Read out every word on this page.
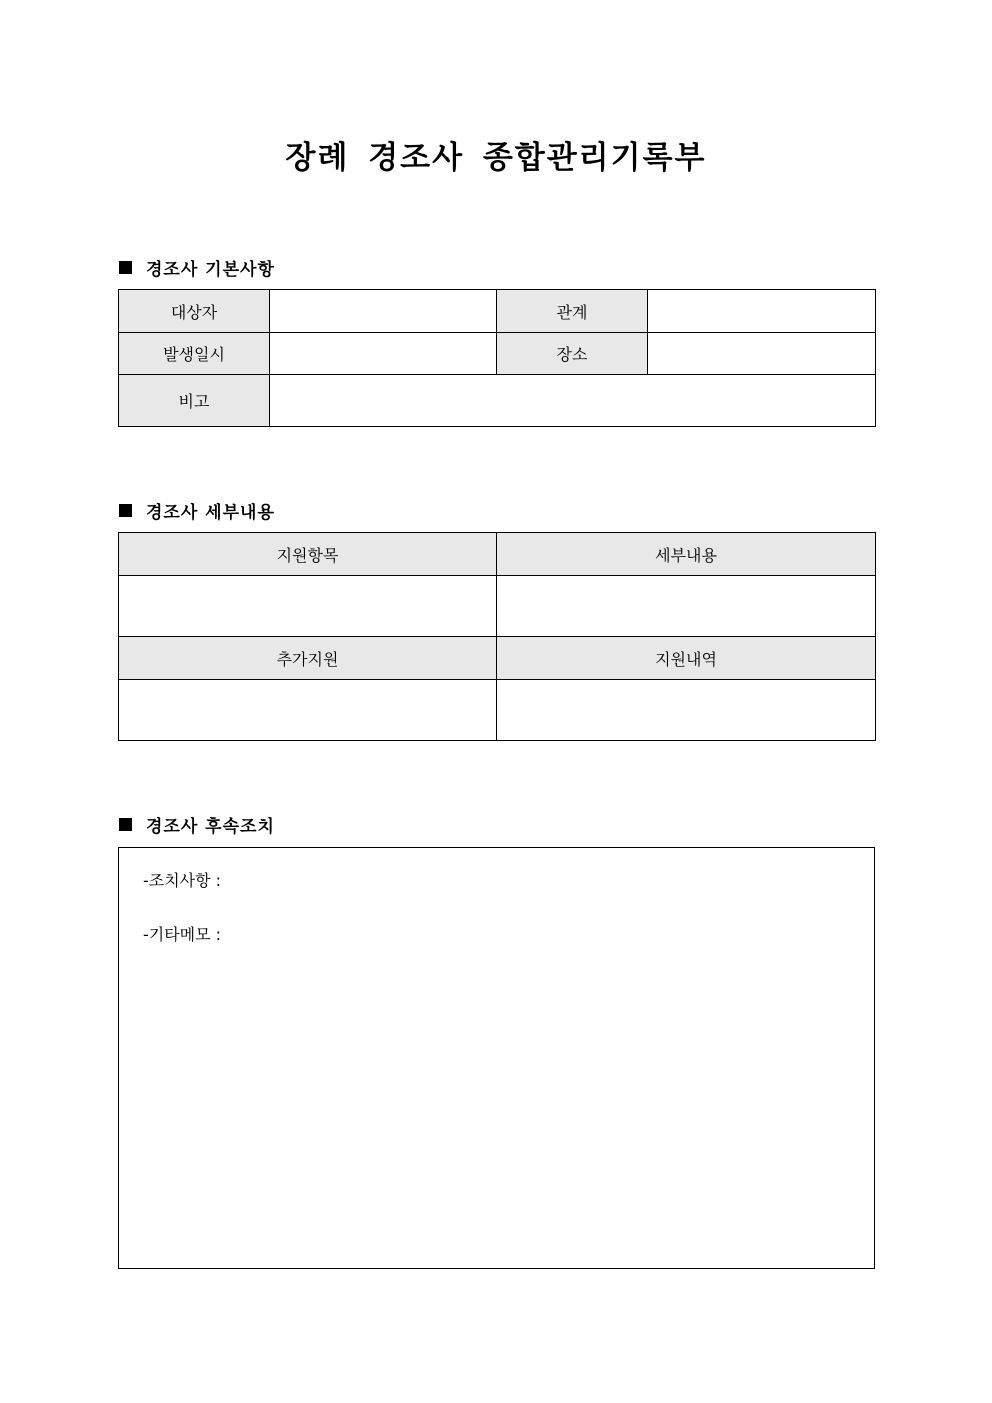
장례 경조사 종합관리기록부
경조사 기본사항
대상자		관계	
발생일시		장소	
비고			
경조사 세부내용
지원항목	세부내용

추가지원	지원내역

경조사 후속조치
-조치사항 :
-기타메모 :
